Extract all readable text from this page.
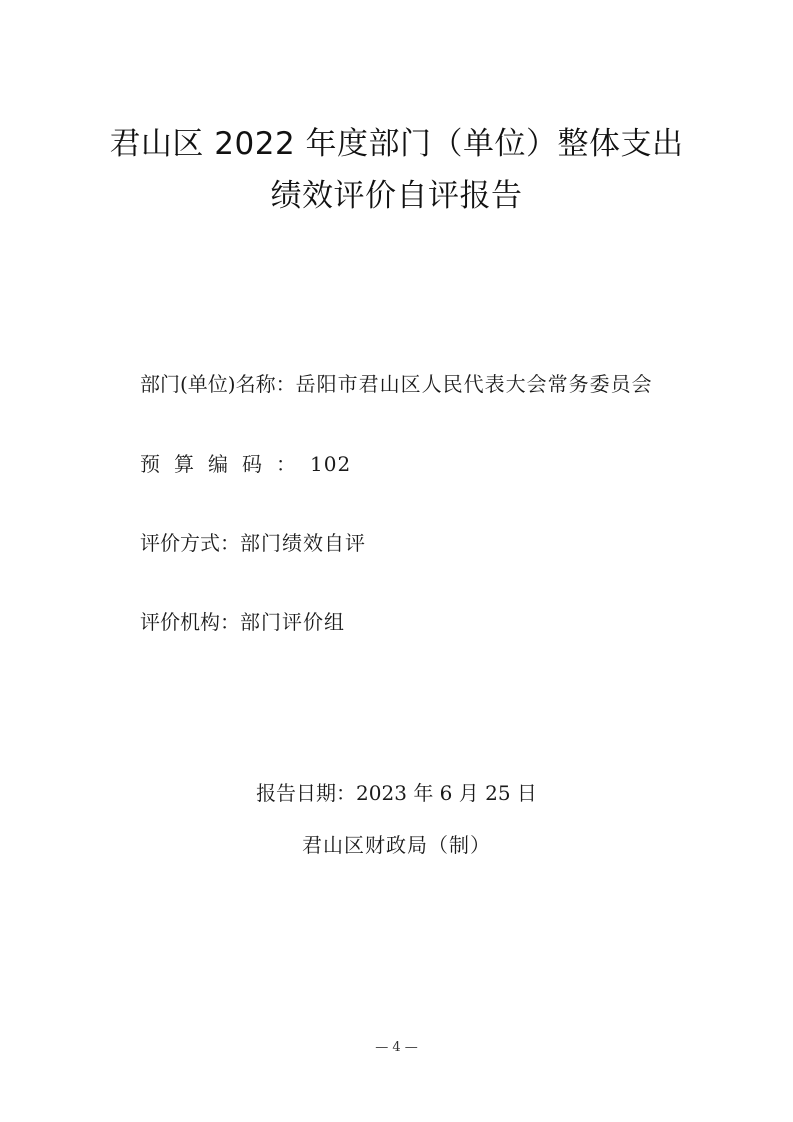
君山区 2022 年度部门（单位）整体支出
绩效评价自评报告
部门(单位)名称：岳阳市君山区人民代表大会常务委员会
预算编码：102
评价方式：部门绩效自评
评价机构：部门评价组
报告日期：2023 年 6 月 25 日
君山区财政局（制）
— 4 —
